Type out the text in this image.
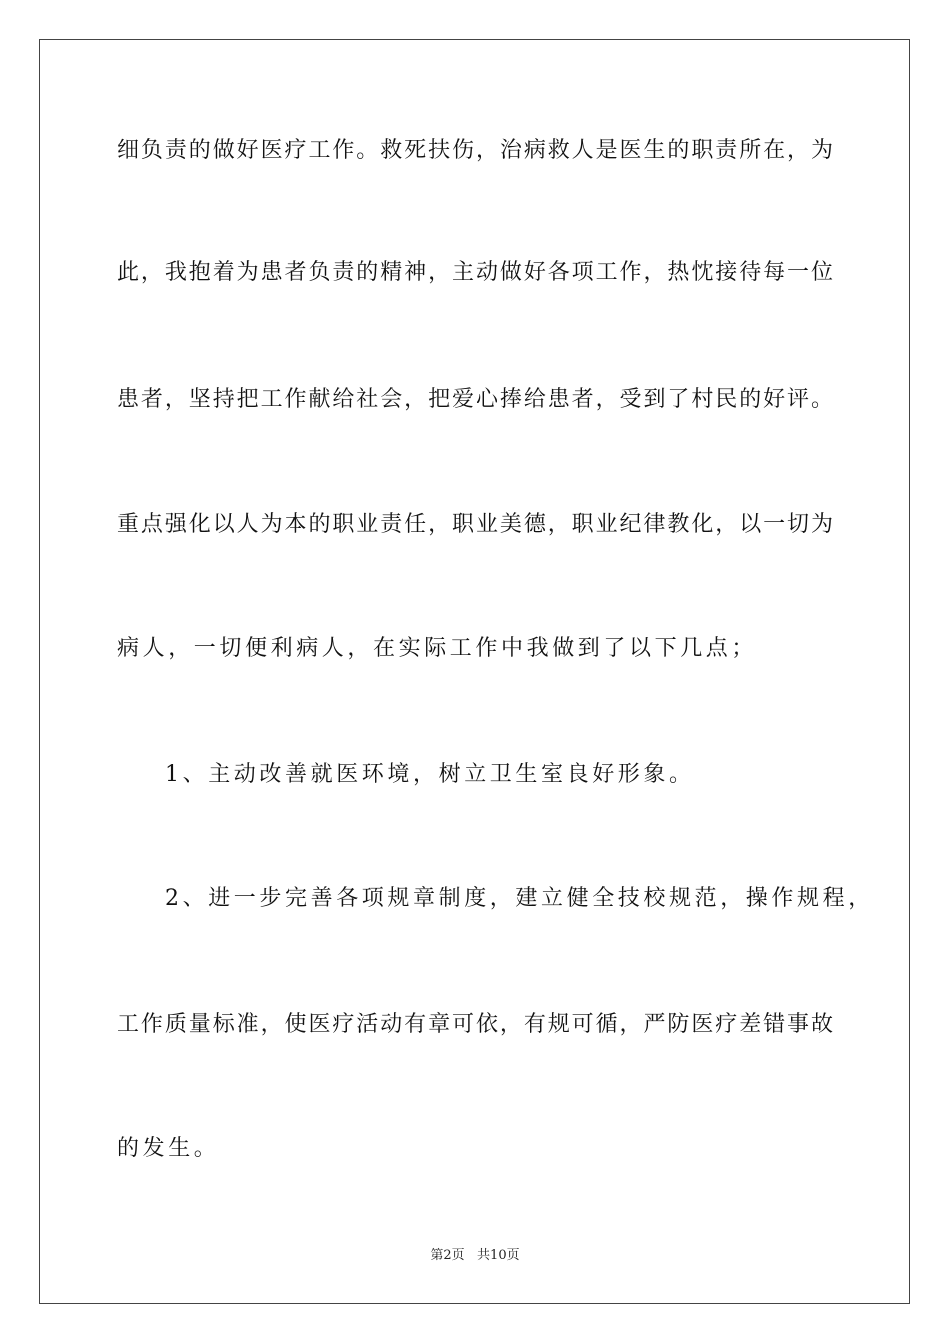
细负责的做好医疗工作。救死扶伤，治病救人是医生的职责所在，为
此，我抱着为患者负责的精神，主动做好各项工作，热忱接待每一位
患者，坚持把工作献给社会，把爱心捧给患者，受到了村民的好评。
重点强化以人为本的职业责任，职业美德，职业纪律教化，以一切为
病人，一切便利病人，在实际工作中我做到了以下几点；
1、主动改善就医环境，树立卫生室良好形象。
2、进一步完善各项规章制度，建立健全技校规范，操作规程，
工作质量标准，使医疗活动有章可依，有规可循，严防医疗差错事故
的发生。
第2页   共10页
